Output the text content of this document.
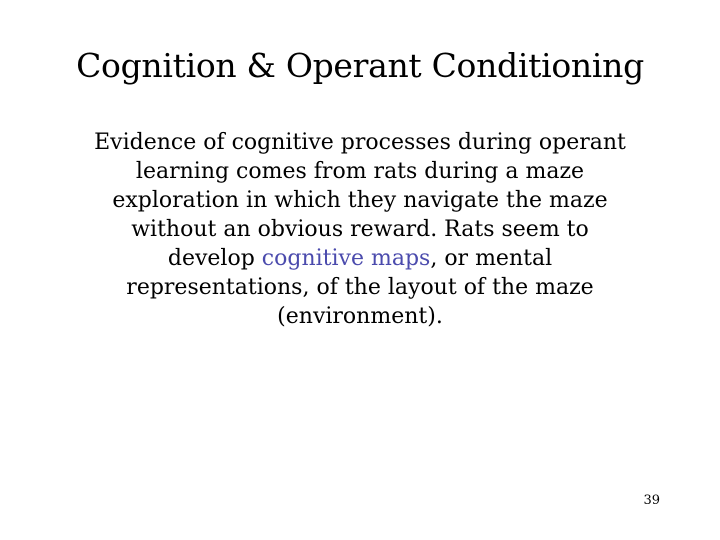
Cognition & Operant Conditioning

Evidence of cognitive processes during operant
learning comes from rats during a maze
exploration in which they navigate the maze
without an obvious reward. Rats seem to
develop cognitive maps, or mental
representations, of the layout of the maze
(environment).

39
